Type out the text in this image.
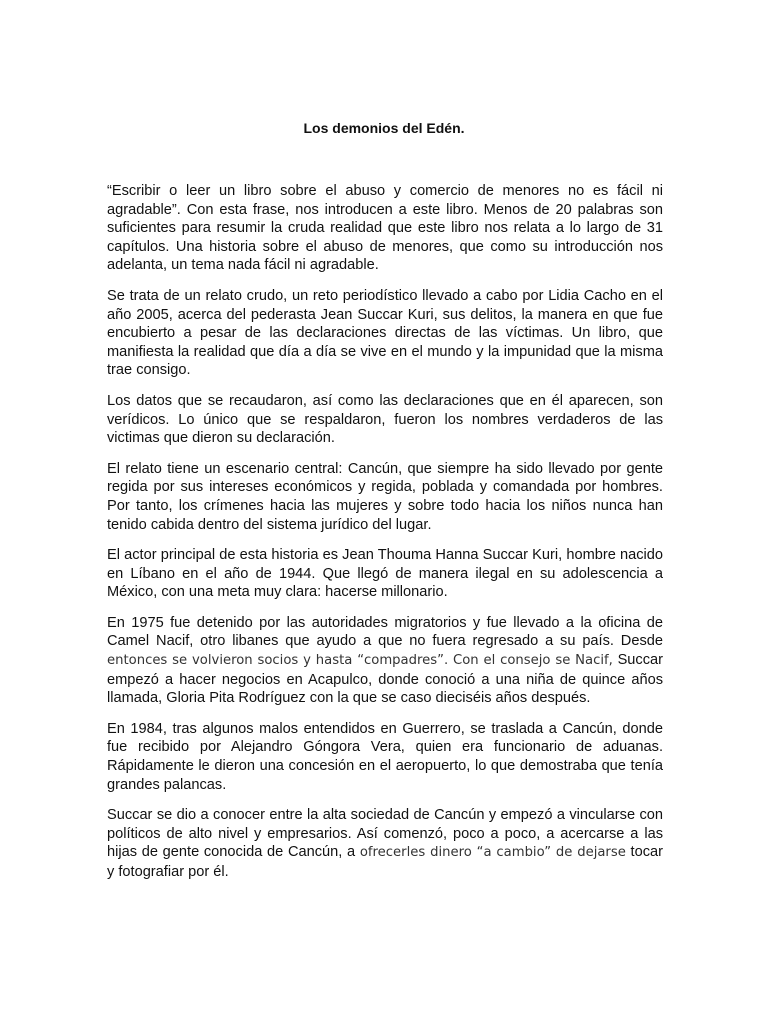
Los demonios del Edén.

“Escribir o leer un libro sobre el abuso y comercio de menores no es fácil ni agradable”. Con esta frase, nos introducen a este libro. Menos de 20 palabras son suficientes para resumir la cruda realidad que este libro nos relata a lo largo de 31 capítulos. Una historia sobre el abuso de menores, que como su introducción nos adelanta, un tema nada fácil ni agradable.

Se trata de un relato crudo, un reto periodístico llevado a cabo por Lidia Cacho en el año 2005, acerca del pederasta Jean Succar Kuri, sus delitos, la manera en que fue encubierto a pesar de las declaraciones directas de las víctimas. Un libro, que manifiesta la realidad que día a día se vive en el mundo y la impunidad que la misma trae consigo.

Los datos que se recaudaron, así como las declaraciones que en él aparecen, son verídicos. Lo único que se respaldaron, fueron los nombres verdaderos de las victimas que dieron su declaración.

El relato tiene un escenario central: Cancún, que siempre ha sido llevado por gente regida por sus intereses económicos y regida, poblada y comandada por hombres. Por tanto, los crímenes hacia las mujeres y sobre todo hacia los niños nunca han tenido cabida dentro del sistema jurídico del lugar.

El actor principal de esta historia es Jean Thouma Hanna Succar Kuri, hombre nacido en Líbano en el año de 1944. Que llegó de manera ilegal en su adolescencia a México, con una meta muy clara: hacerse millonario.

En 1975 fue detenido por las autoridades migratorios y fue llevado a la oficina de Camel Nacif, otro libanes que ayudo a que no fuera regresado a su país. Desde entonces se volvieron socios y hasta “compadres”. Con el consejo se Nacif, Succar empezó a hacer negocios en Acapulco, donde conoció a una niña de quince años llamada, Gloria Pita Rodríguez con la que se caso dieciséis años después.

En 1984, tras algunos malos entendidos en Guerrero, se traslada a Cancún, donde fue recibido por Alejandro Góngora Vera, quien era funcionario de aduanas. Rápidamente le dieron una concesión en el aeropuerto, lo que demostraba que tenía grandes palancas.

Succar se dio a conocer entre la alta sociedad de Cancún y empezó a vincularse con políticos de alto nivel y empresarios. Así comenzó, poco a poco, a acercarse a las hijas de gente conocida de Cancún, a ofrecerles dinero “a cambio” de dejarse tocar y fotografiar por él.
